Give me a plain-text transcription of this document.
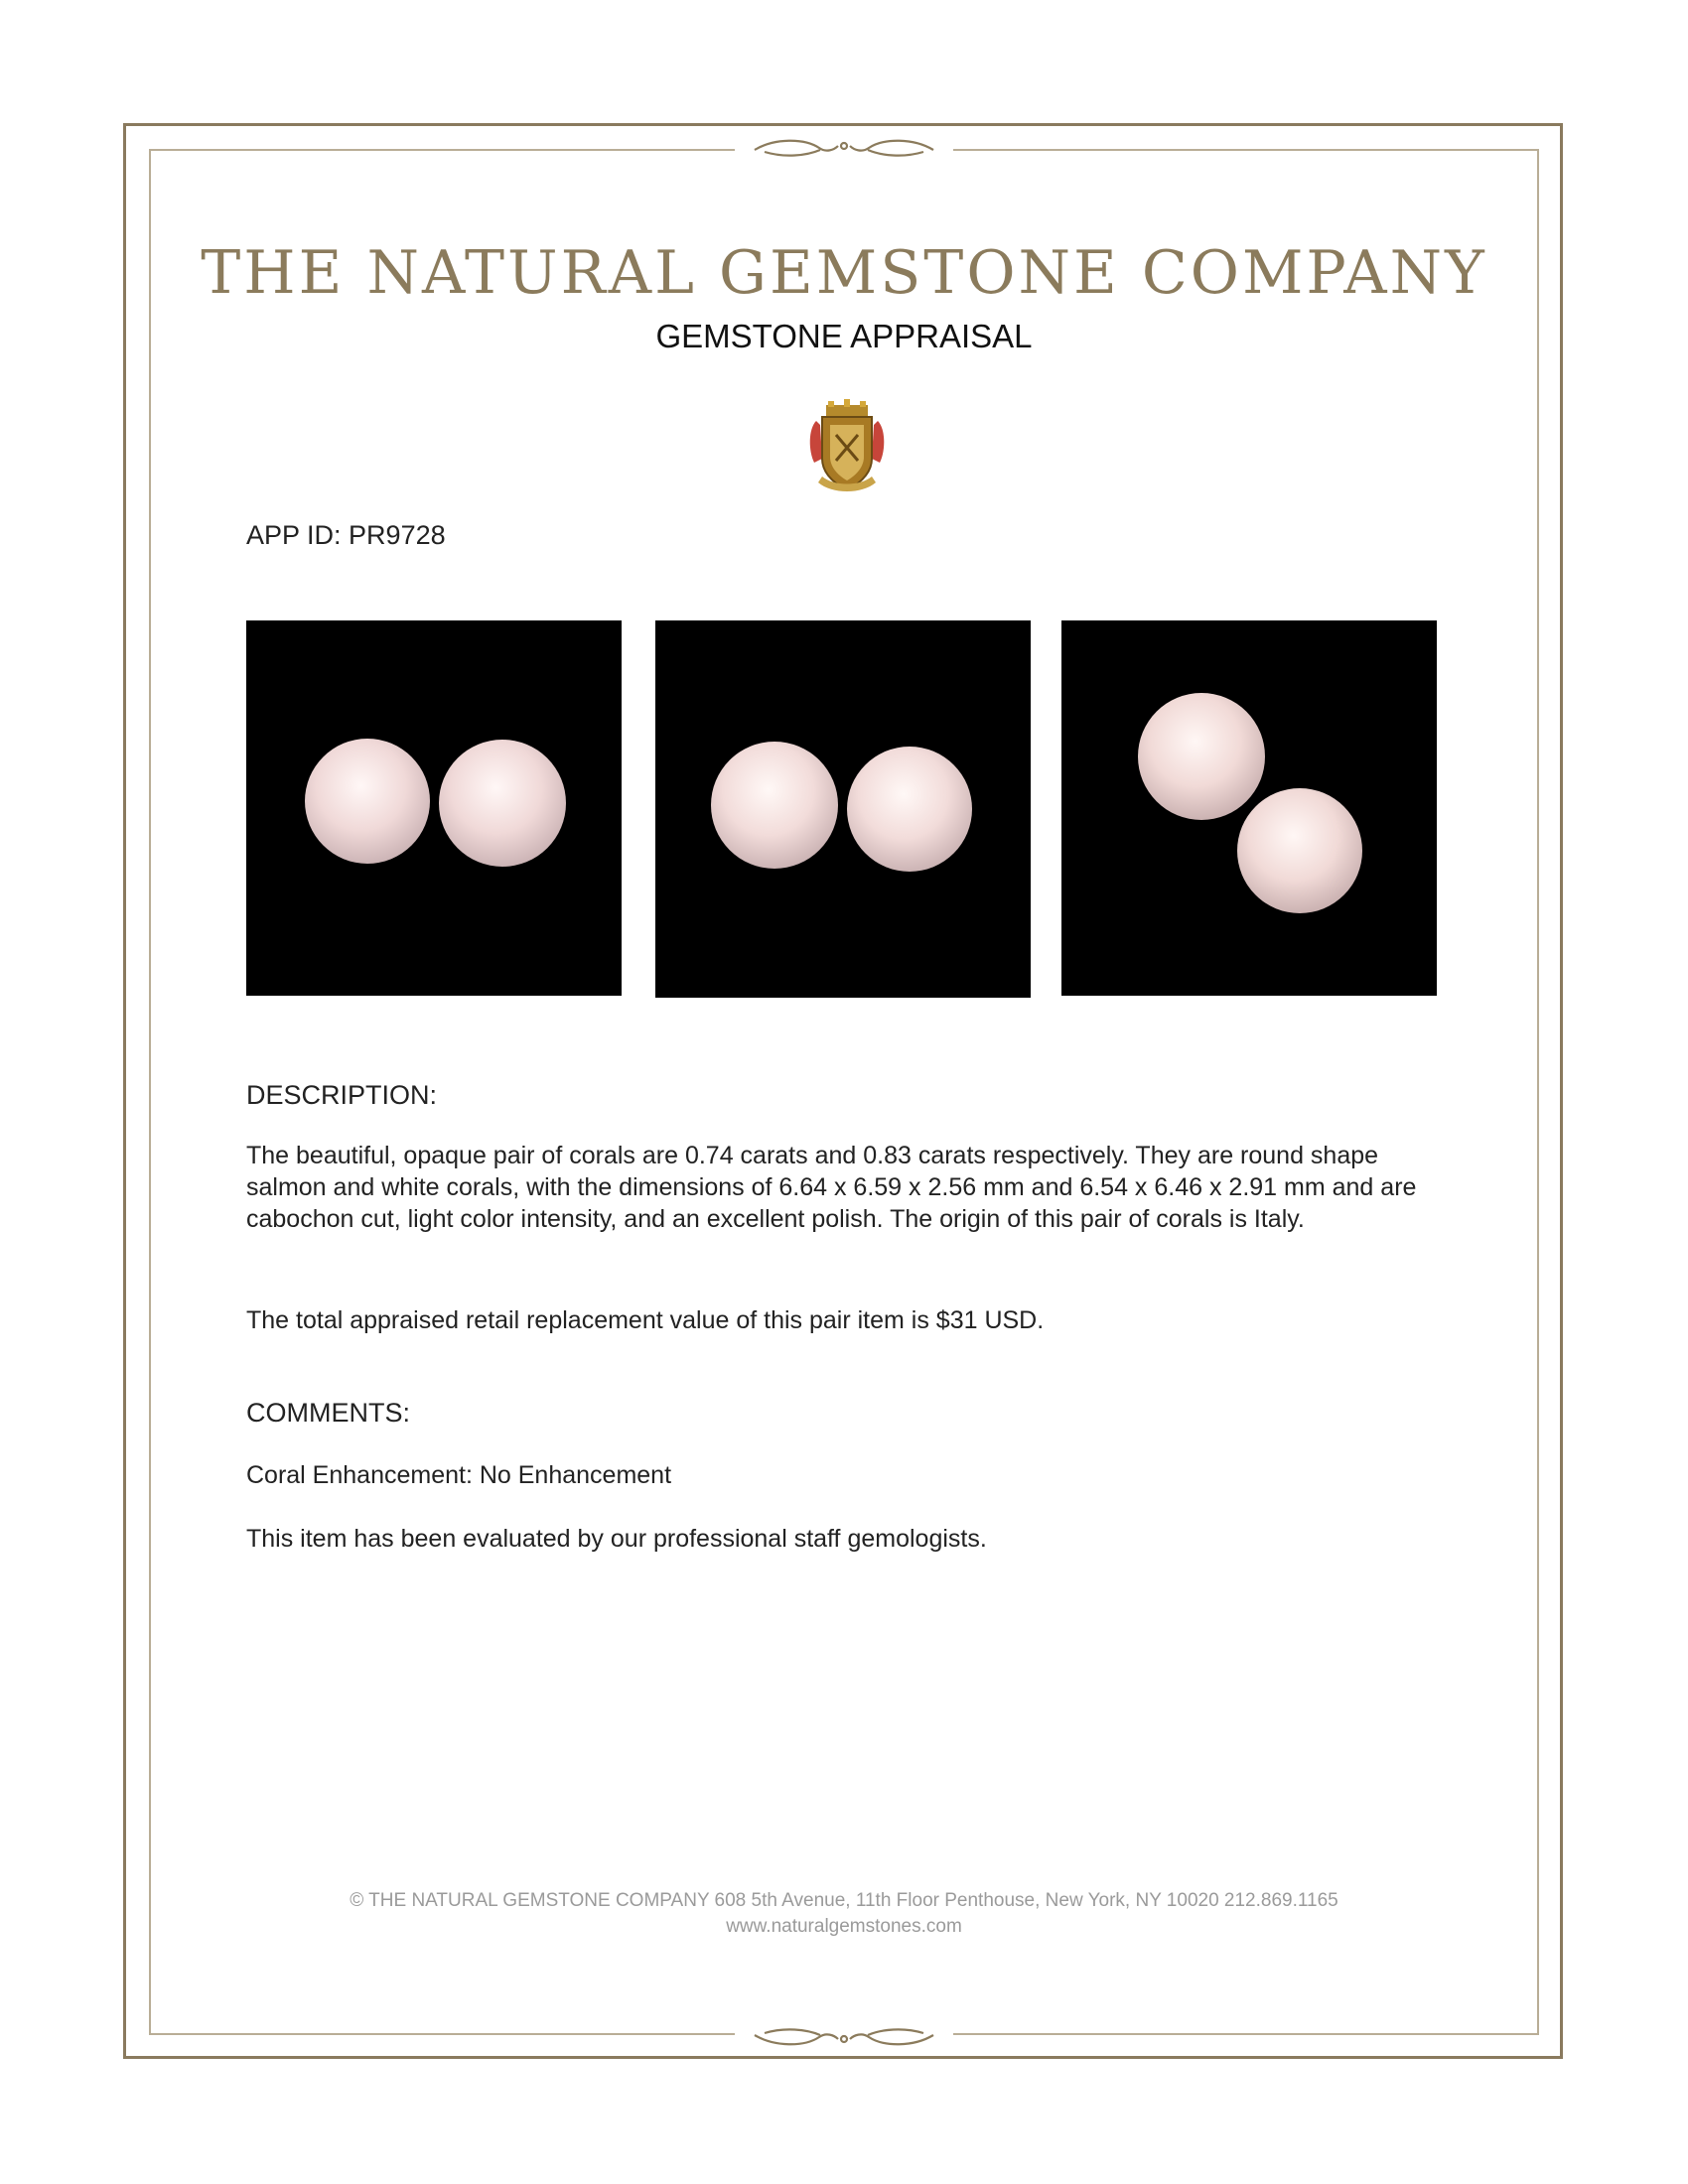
THE NATURAL GEMSTONE COMPANY
GEMSTONE APPRAISAL
APP ID: PR9728
DESCRIPTION:
The beautiful, opaque pair of corals are 0.74 carats and 0.83 carats respectively. They are round shape salmon and white corals, with the dimensions of 6.64 x 6.59 x 2.56 mm and 6.54 x 6.46 x 2.91 mm and are cabochon cut, light color intensity, and an excellent polish. The origin of this pair of corals is Italy.
The total appraised retail replacement value of this pair item is $31 USD.
COMMENTS:
Coral Enhancement: No Enhancement
This item has been evaluated by our professional staff gemologists.
© THE NATURAL GEMSTONE COMPANY 608 5th Avenue, 11th Floor Penthouse, New York, NY 10020 212.869.1165
www.naturalgemstones.com
